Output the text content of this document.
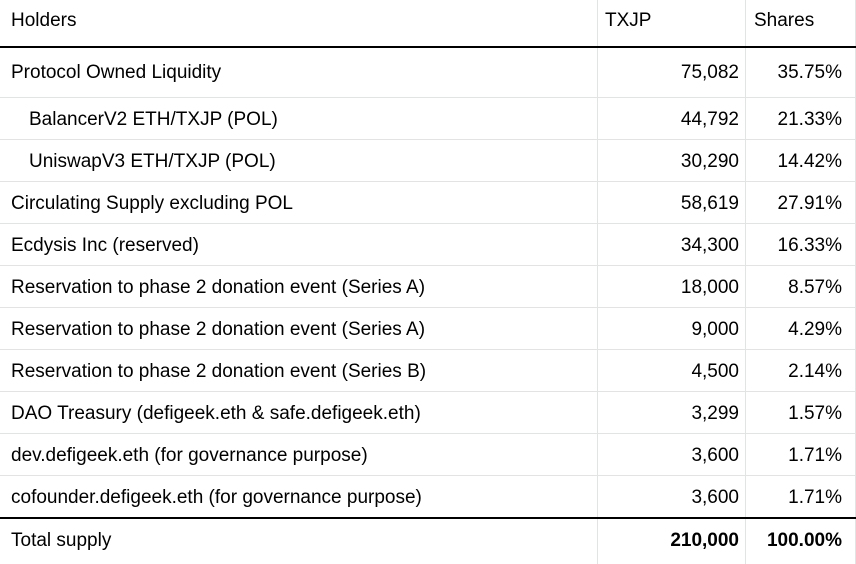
Holders	TXJP	Shares
Protocol Owned Liquidity	75,082	35.75%
BalancerV2 ETH/TXJP (POL)	44,792	21.33%
UniswapV3 ETH/TXJP (POL)	30,290	14.42%
Circulating Supply excluding POL	58,619	27.91%
Ecdysis Inc (reserved)	34,300	16.33%
Reservation to phase 2 donation event (Series A)	18,000	8.57%
Reservation to phase 2 donation event (Series A)	9,000	4.29%
Reservation to phase 2 donation event (Series B)	4,500	2.14%
DAO Treasury (defigeek.eth & safe.defigeek.eth)	3,299	1.57%
dev.defigeek.eth (for governance purpose)	3,600	1.71%
cofounder.defigeek.eth (for governance purpose)	3,600	1.71%
Total supply	210,000	100.00%
